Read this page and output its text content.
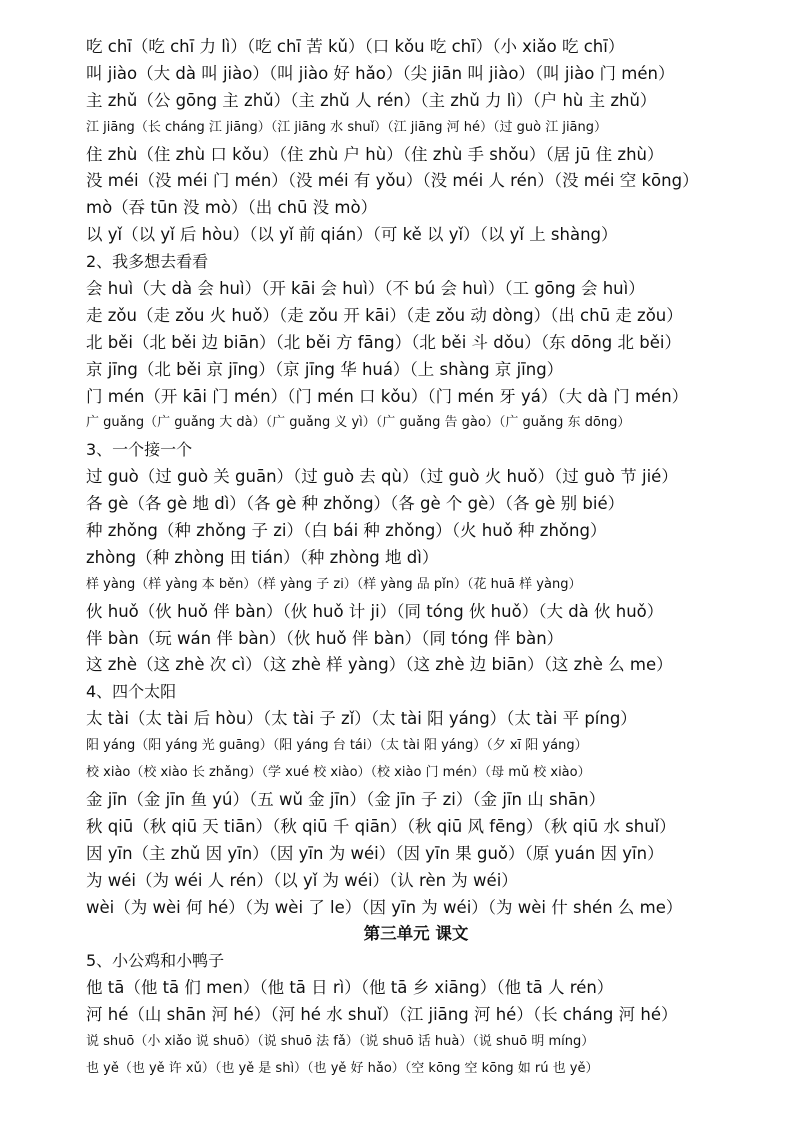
吃 chī（吃 chī 力 lì）（吃 chī 苦 kǔ）（口 kǒu 吃 chī）（小 xiǎo 吃 chī）
叫 jiào（大 dà 叫 jiào）（叫 jiào 好 hǎo）（尖 jiān 叫 jiào）（叫 jiào 门 mén）
主 zhǔ（公 gōng 主 zhǔ）（主 zhǔ 人 rén）（主 zhǔ 力 lì）（户 hù 主 zhǔ）
江 jiāng（长 cháng 江 jiāng）（江 jiāng 水 shuǐ）（江 jiāng 河 hé）（过 guò 江 jiāng）
住 zhù（住 zhù 口 kǒu）（住 zhù 户 hù）（住 zhù 手 shǒu）（居 jū 住 zhù）
没 méi（没 méi 门 mén）（没 méi 有 yǒu）（没 méi 人 rén）（没 méi 空 kōng）
mò（吞 tūn 没 mò）（出 chū 没 mò）
以 yǐ（以 yǐ 后 hòu）（以 yǐ 前 qián）（可 kě 以 yǐ）（以 yǐ 上 shàng）
2、我多想去看看
会 huì（大 dà 会 huì）（开 kāi 会 huì）（不 bú 会 huì）（工 gōng 会 huì）
走 zǒu（走 zǒu 火 huǒ）（走 zǒu 开 kāi）（走 zǒu 动 dòng）（出 chū 走 zǒu）
北 běi（北 běi 边 biān）（北 běi 方 fāng）（北 běi 斗 dǒu）（东 dōng 北 běi）
京 jīng（北 běi 京 jīng）（京 jīng 华 huá）（上 shàng 京 jīng）
门 mén（开 kāi 门 mén）（门 mén 口 kǒu）（门 mén 牙 yá）（大 dà 门 mén）
广 guǎng（广 guǎng 大 dà）（广 guǎng 义 yì）（广 guǎng 告 gào）（广 guǎng 东 dōng）
3、一个接一个
过 guò（过 guò 关 guān）（过 guò 去 qù）（过 guò 火 huǒ）（过 guò 节 jié）
各 gè（各 gè 地 dì）（各 gè 种 zhǒng）（各 gè 个 gè）（各 gè 别 bié）
种 zhǒng（种 zhǒng 子 zi）（白 bái 种 zhǒng）（火 huǒ 种 zhǒng）
zhòng（种 zhòng 田 tián）（种 zhòng 地 dì）
样 yàng（样 yàng 本 běn）（样 yàng 子 zi）（样 yàng 品 pǐn）（花 huā 样 yàng）
伙 huǒ（伙 huǒ 伴 bàn）（伙 huǒ 计 ji）（同 tóng 伙 huǒ）（大 dà 伙 huǒ）
伴 bàn（玩 wán 伴 bàn）（伙 huǒ 伴 bàn）（同 tóng 伴 bàn）
这 zhè（这 zhè 次 cì）（这 zhè 样 yàng）（这 zhè 边 biān）（这 zhè 么 me）
4、四个太阳
太 tài（太 tài 后 hòu）（太 tài 子 zǐ）（太 tài 阳 yáng）（太 tài 平 píng）
阳 yáng（阳 yáng 光 guāng）（阳 yáng 台 tái）（太 tài 阳 yáng）（夕 xī 阳 yáng）
校 xiào（校 xiào 长 zhǎng）（学 xué 校 xiào）（校 xiào 门 mén）（母 mǔ 校 xiào）
金 jīn（金 jīn 鱼 yú）（五 wǔ 金 jīn）（金 jīn 子 zi）（金 jīn 山 shān）
秋 qiū（秋 qiū 天 tiān）（秋 qiū 千 qiān）（秋 qiū 风 fēng）（秋 qiū 水 shuǐ）
因 yīn（主 zhǔ 因 yīn）（因 yīn 为 wéi）（因 yīn 果 guǒ）（原 yuán 因 yīn）
为 wéi（为 wéi 人 rén）（以 yǐ 为 wéi）（认 rèn 为 wéi）
wèi（为 wèi 何 hé）（为 wèi 了 le）（因 yīn 为 wéi）（为 wèi 什 shén 么 me）
第三单元 课文
5、小公鸡和小鸭子
他 tā（他 tā 们 men）（他 tā 日 rì）（他 tā 乡 xiāng）（他 tā 人 rén）
河 hé（山 shān 河 hé）（河 hé 水 shuǐ）（江 jiāng 河 hé）（长 cháng 河 hé）
说 shuō（小 xiǎo 说 shuō）（说 shuō 法 fǎ）（说 shuō 话 huà）（说 shuō 明 míng）
也 yě（也 yě 许 xǔ）（也 yě 是 shì）（也 yě 好 hǎo）（空 kōng 空 kōng 如 rú 也 yě）
